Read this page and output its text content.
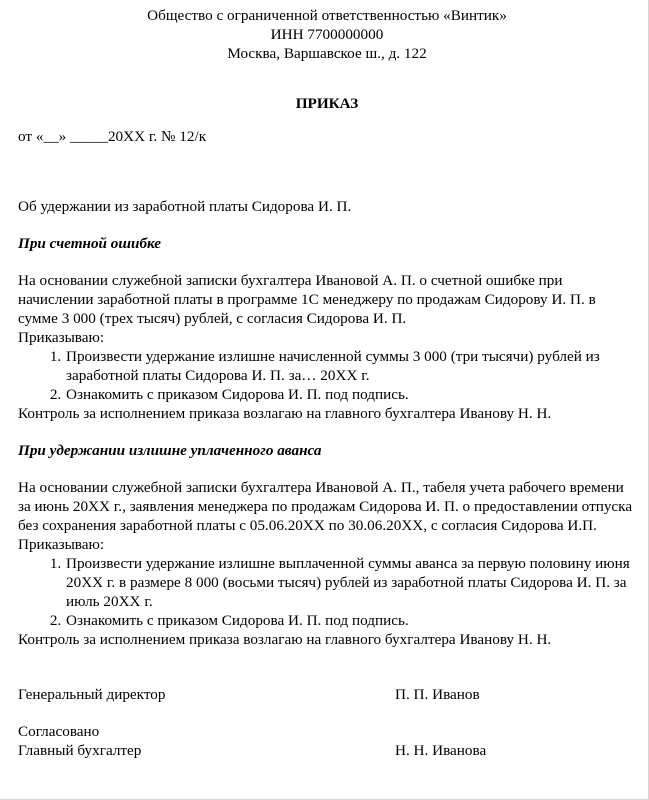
Общество с ограниченной ответственностью «Винтик»
ИНН 7700000000
Москва, Варшавское ш., д. 122
ПРИКАЗ
от «__» _____20ХХ г. № 12/к
Об удержании из заработной платы Сидорова И. П.
При счетной ошибке
На основании служебной записки бухгалтера Ивановой А. П. о счетной ошибке при начислении заработной платы в программе 1С менеджеру по продажам Сидорову И. П. в сумме 3 000 (трех тысяч) рублей, с согласия Сидорова И. П.
Приказываю:
1. Произвести удержание излишне начисленной суммы 3 000 (три тысячи) рублей из заработной платы Сидорова И. П. за… 20ХХ г.
2. Ознакомить с приказом Сидорова И. П. под подпись.
Контроль за исполнением приказа возлагаю на главного бухгалтера Иванову Н. Н.
При удержании излишне уплаченного аванса
На основании служебной записки бухгалтера Ивановой А. П., табеля учета рабочего времени за июнь 20ХХ г., заявления менеджера по продажам Сидорова И. П. о предоставлении отпуска без сохранения заработной платы с 05.06.20ХХ по 30.06.20ХХ, с согласия Сидорова И.П.
Приказываю:
1. Произвести удержание излишне выплаченной суммы аванса за первую половину июня 20ХХ г. в размере 8 000 (восьми тысяч) рублей из заработной платы Сидорова И. П. за июль 20ХХ г.
2. Ознакомить с приказом Сидорова И. П. под подпись.
Контроль за исполнением приказа возлагаю на главного бухгалтера Иванову Н. Н.
Генеральный директор	П. П. Иванов
Согласовано
Главный бухгалтер	Н. Н. Иванова
